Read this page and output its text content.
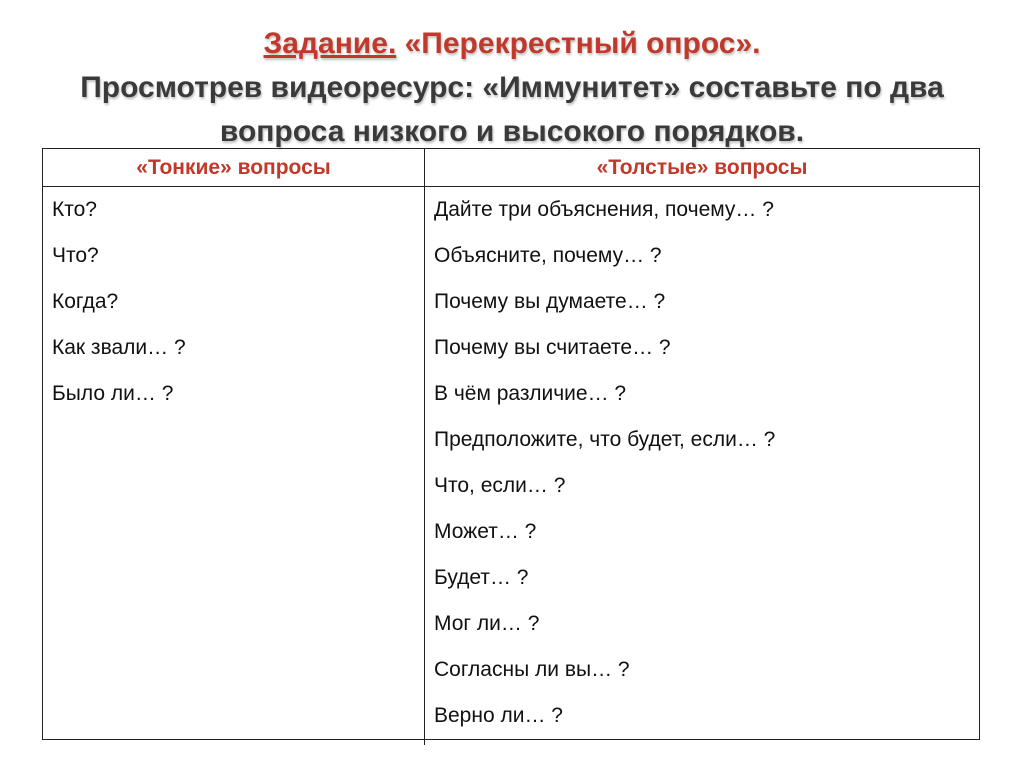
Задание. «Перекрестный опрос».
Просмотрев видеоресурс: «Иммунитет» составьте по два
вопроса низкого и высокого порядков.
«Тонкие» вопросы	«Толстые» вопросы
Кто?
Что?
Когда?
Как звали… ?
Было ли… ?
Дайте три объяснения, почему… ?
Объясните, почему… ?
Почему вы думаете… ?
Почему вы считаете… ?
В чём различие… ?
Предположите, что будет, если… ?
Что, если… ?
Может… ?
Будет… ?
Мог ли… ?
Согласны ли вы… ?
Верно ли… ?
